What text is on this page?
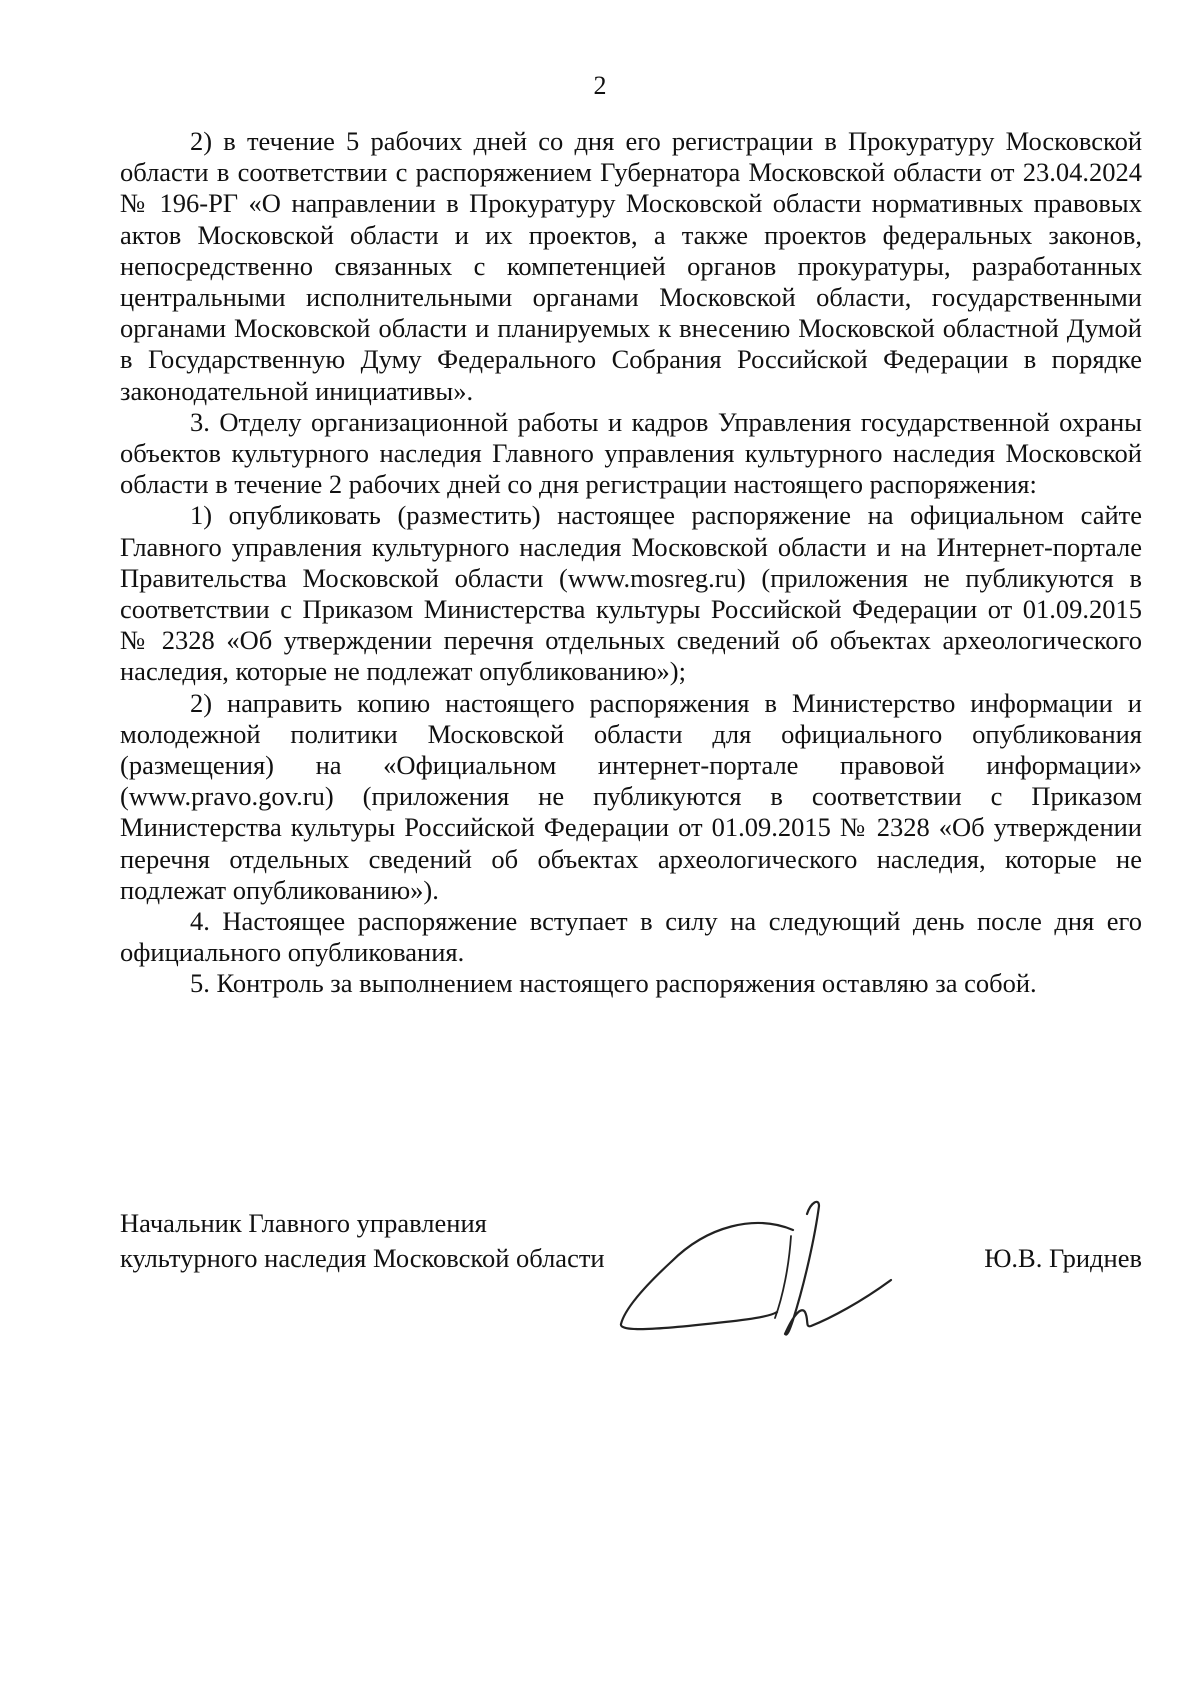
2

2) в течение 5 рабочих дней со дня его регистрации в Прокуратуру Московской области в соответствии с распоряжением Губернатора Московской области от 23.04.2024 № 196-РГ «О направлении в Прокуратуру Московской области нормативных правовых актов Московской области и их проектов, а также проектов федеральных законов, непосредственно связанных с компетенцией органов прокуратуры, разработанных центральными исполнительными органами Московской области, государственными органами Московской области и планируемых к внесению Московской областной Думой в Государственную Думу Федерального Собрания Российской Федерации в порядке законодательной инициативы».

3. Отделу организационной работы и кадров Управления государственной охраны объектов культурного наследия Главного управления культурного наследия Московской области в течение 2 рабочих дней со дня регистрации настоящего распоряжения:

1) опубликовать (разместить) настоящее распоряжение на официальном сайте Главного управления культурного наследия Московской области и на Интернет-портале Правительства Московской области (www.mosreg.ru) (приложения не публикуются в соответствии с Приказом Министерства культуры Российской Федерации от 01.09.2015 № 2328 «Об утверждении перечня отдельных сведений об объектах археологического наследия, которые не подлежат опубликованию»);

2) направить копию настоящего распоряжения в Министерство информации и молодежной политики Московской области для официального опубликования (размещения) на «Официальном интернет-портале правовой информации» (www.pravo.gov.ru) (приложения не публикуются в соответствии с Приказом Министерства культуры Российской Федерации от 01.09.2015 № 2328 «Об утверждении перечня отдельных сведений об объектах археологического наследия, которые не подлежат опубликованию»).

4. Настоящее распоряжение вступает в силу на следующий день после дня его официального опубликования.

5. Контроль за выполнением настоящего распоряжения оставляю за собой.

Начальник Главного управления
культурного наследия Московской области	Ю.В. Гриднев
